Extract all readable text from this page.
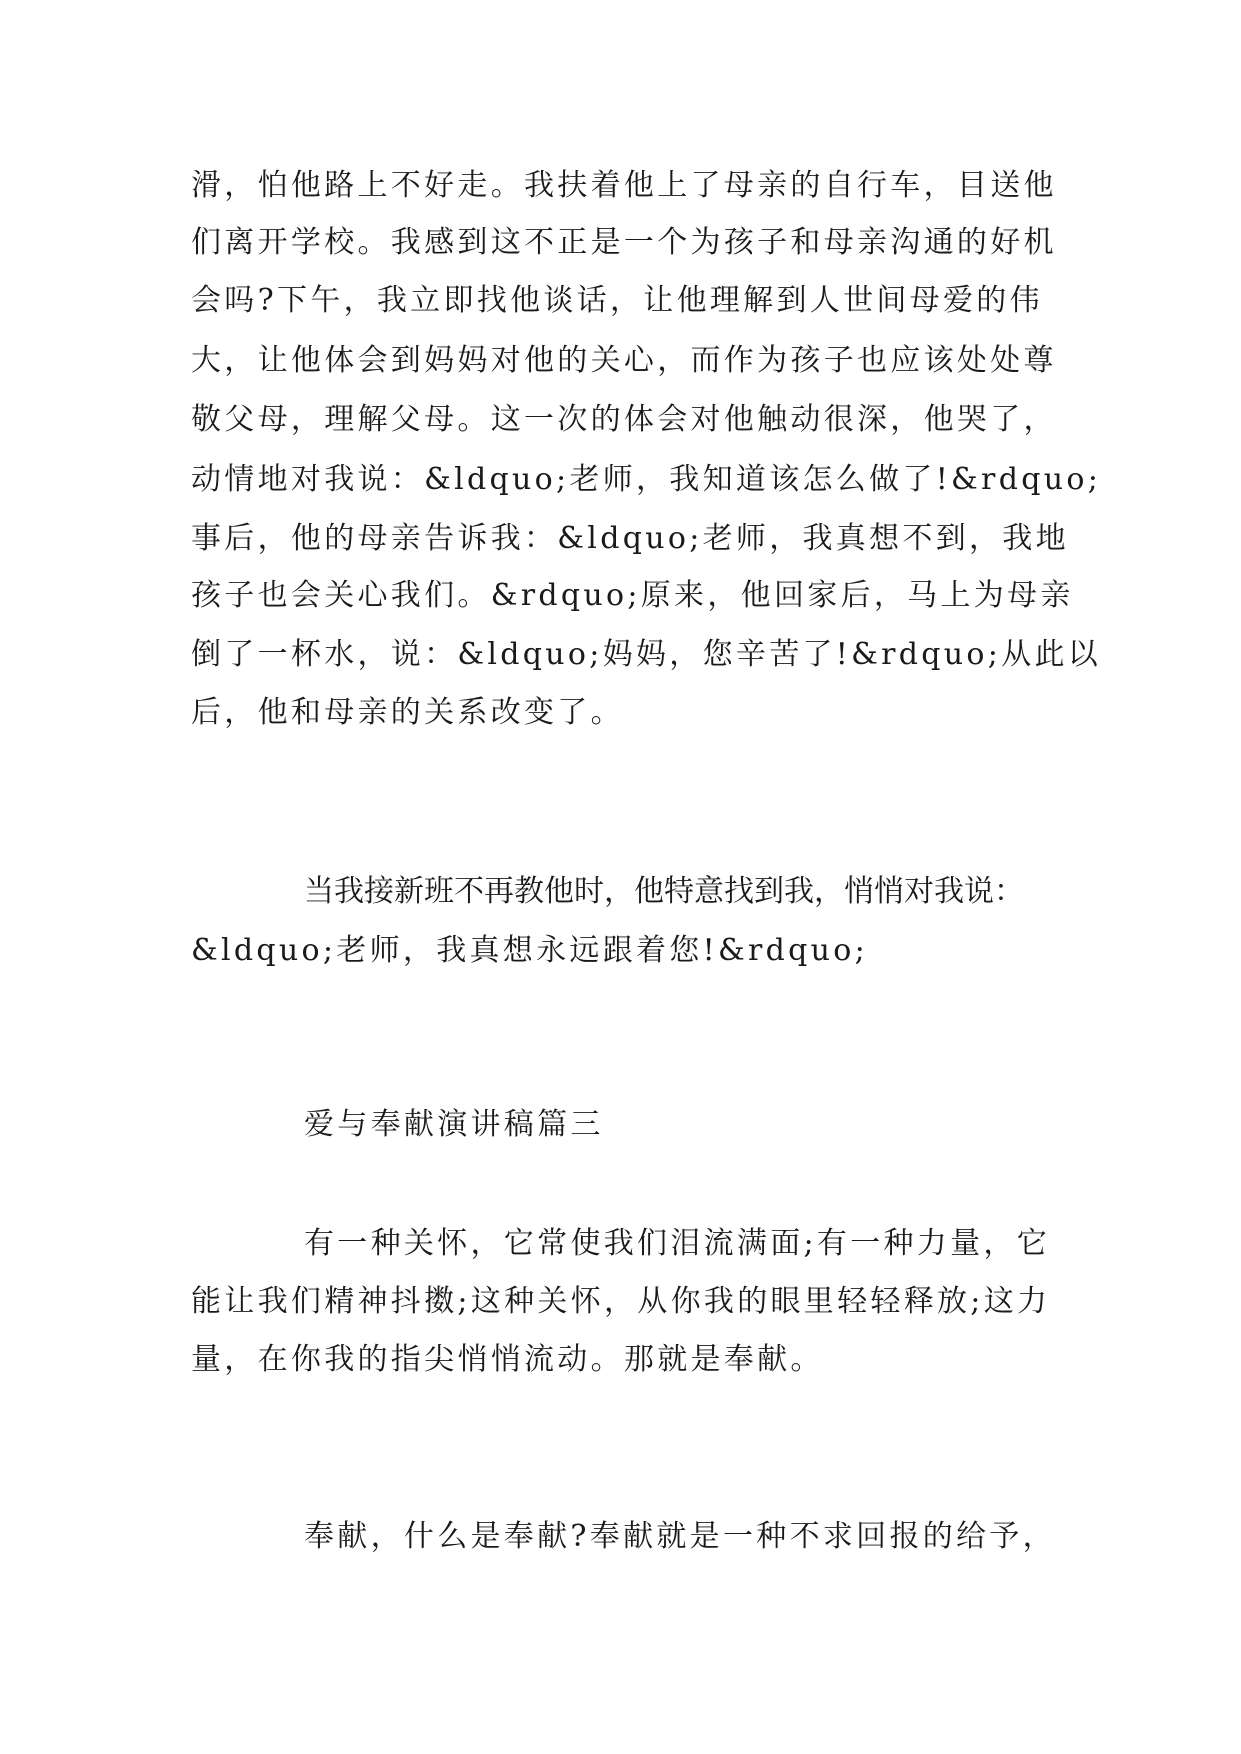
滑，怕他路上不好走。我扶着他上了母亲的自行车，目送他
们离开学校。我感到这不正是一个为孩子和母亲沟通的好机
会吗?下午，我立即找他谈话，让他理解到人世间母爱的伟
大，让他体会到妈妈对他的关心，而作为孩子也应该处处尊
敬父母，理解父母。这一次的体会对他触动很深，他哭了，
动情地对我说：&ldquo;老师，我知道该怎么做了!&rdquo;
事后，他的母亲告诉我：&ldquo;老师，我真想不到，我地
孩子也会关心我们。&rdquo;原来，他回家后，马上为母亲
倒了一杯水，说：&ldquo;妈妈，您辛苦了!&rdquo;从此以
后，他和母亲的关系改变了。
当我接新班不再教他时，他特意找到我，悄悄对我说：
&ldquo;老师，我真想永远跟着您!&rdquo;
爱与奉献演讲稿篇三
有一种关怀，它常使我们泪流满面;有一种力量，它
能让我们精神抖擞;这种关怀，从你我的眼里轻轻释放;这力
量，在你我的指尖悄悄流动。那就是奉献。
奉献，什么是奉献?奉献就是一种不求回报的给予，
